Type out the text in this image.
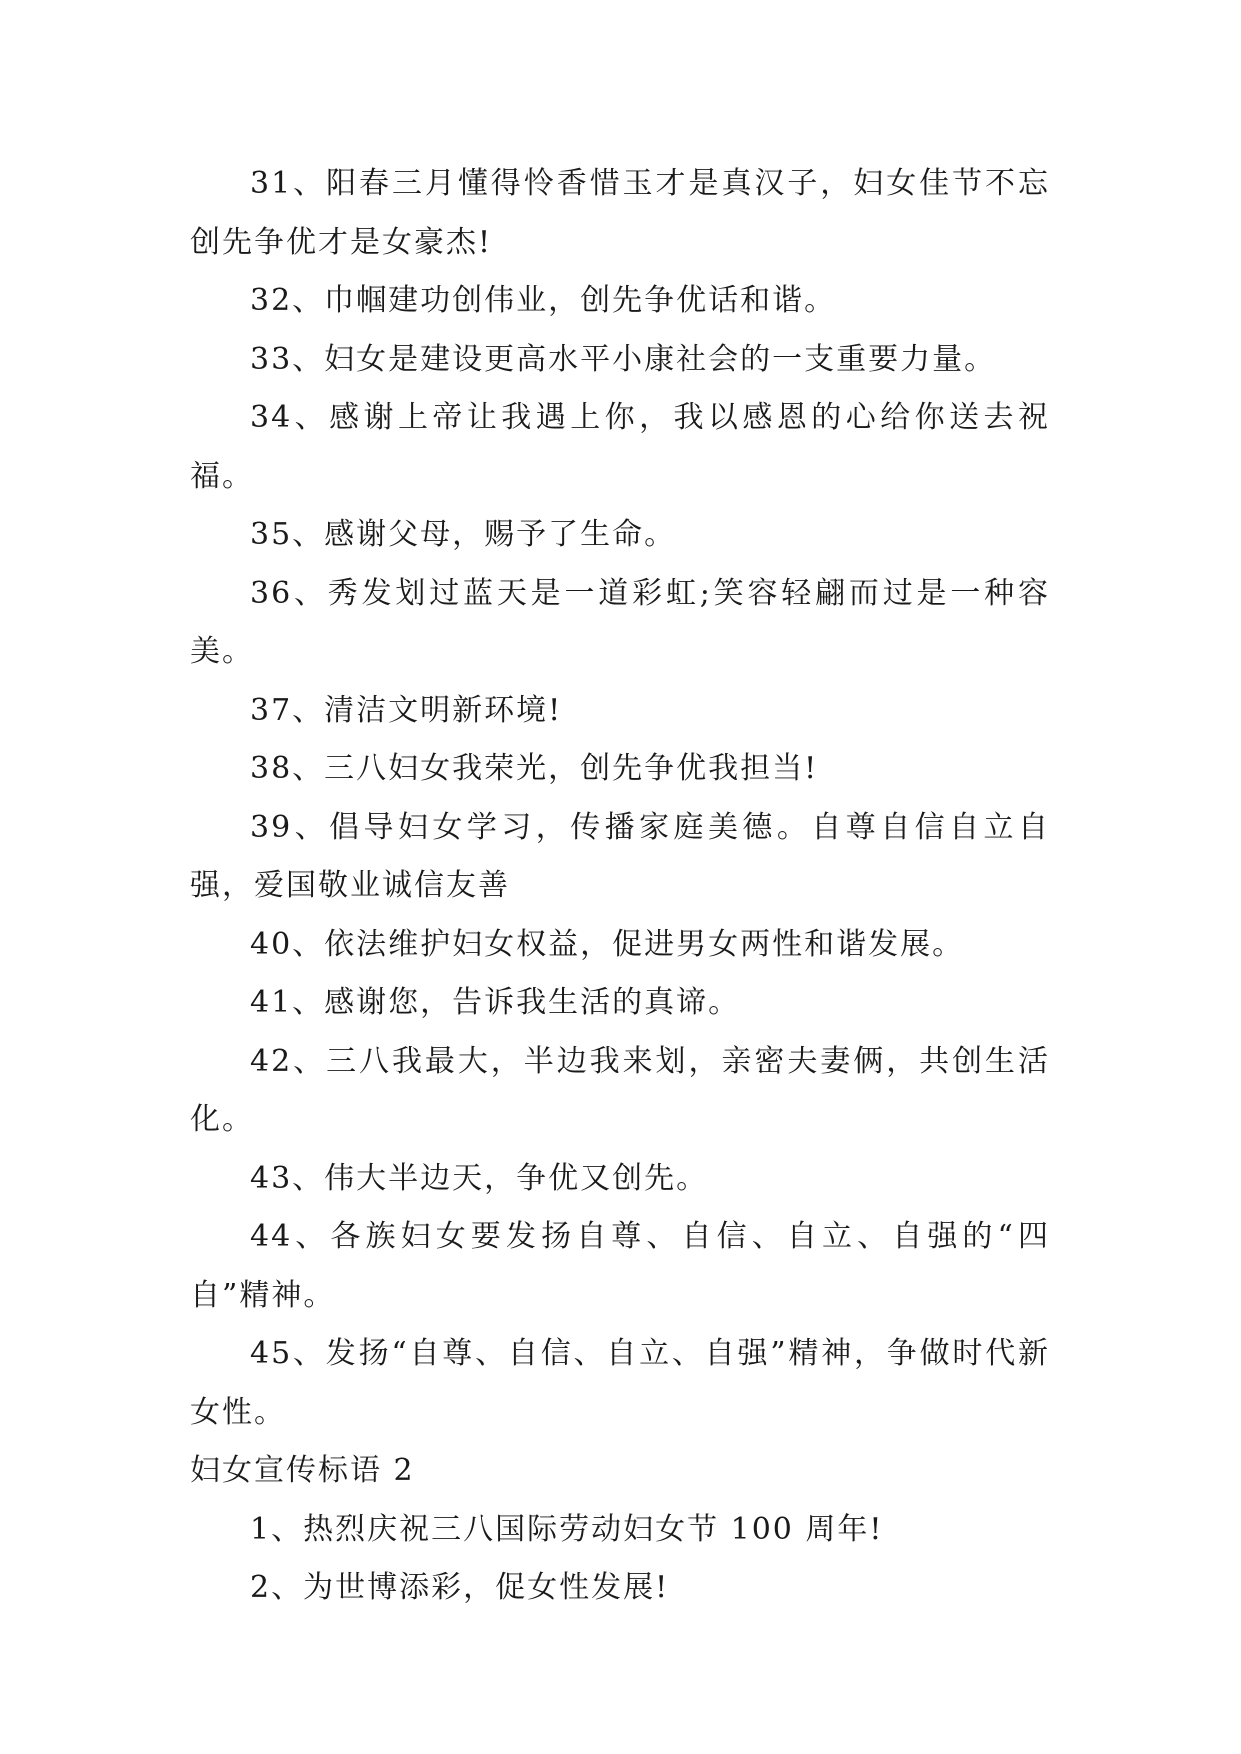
31、阳春三月懂得怜香惜玉才是真汉子，妇女佳节不忘创先争优才是女豪杰!

32、巾帼建功创伟业，创先争优话和谐。

33、妇女是建设更高水平小康社会的一支重要力量。

34、感谢上帝让我遇上你，我以感恩的心给你送去祝福。

35、感谢父母，赐予了生命。

36、秀发划过蓝天是一道彩虹;笑容轻翩而过是一种容美。

37、清洁文明新环境!

38、三八妇女我荣光，创先争优我担当!

39、倡导妇女学习，传播家庭美德。自尊自信自立自强，爱国敬业诚信友善

40、依法维护妇女权益，促进男女两性和谐发展。

41、感谢您，告诉我生活的真谛。

42、三八我最大，半边我来划，亲密夫妻俩，共创生活化。

43、伟大半边天，争优又创先。

44、各族妇女要发扬自尊、自信、自立、自强的“四自”精神。

45、发扬“自尊、自信、自立、自强”精神，争做时代新女性。

妇女宣传标语 2

1、热烈庆祝三八国际劳动妇女节 100 周年!

2、为世博添彩，促女性发展!
